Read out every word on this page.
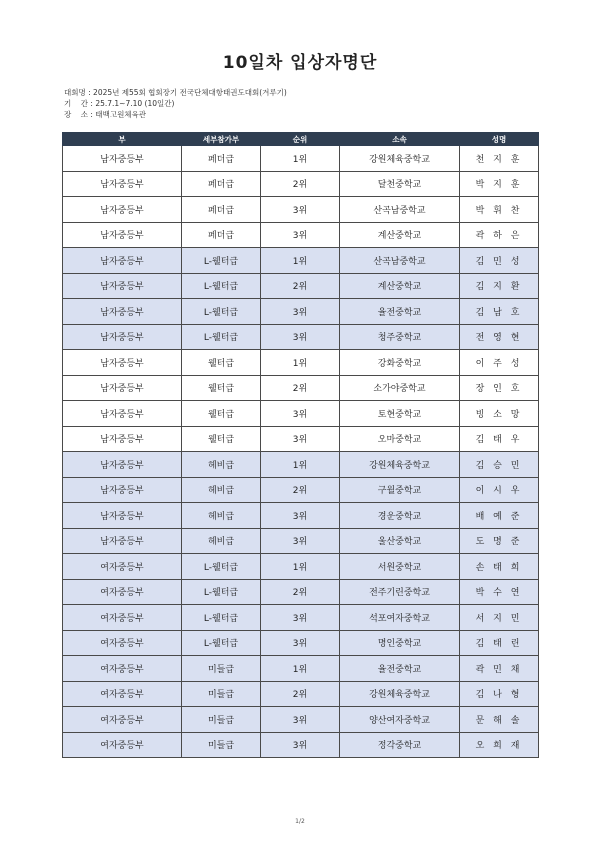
10일차 입상자명단
대회명 : 2025년 제55회 협회장기 전국단체대항태권도대회(겨루기)
기    간 : 25.7.1~7.10 (10일간)
장    소 : 태백고원체육관
부	세부참가부	순위	소속	성명
남자중등부	페더급	1위	강원체육중학교	천 지 훈
남자중등부	페더급	2위	달천중학교	박 지 훈
남자중등부	페더급	3위	산곡남중학교	박 휘 찬
남자중등부	페더급	3위	계산중학교	곽 하 은
남자중등부	L-웰터급	1위	산곡남중학교	김 민 성
남자중등부	L-웰터급	2위	계산중학교	김 지 환
남자중등부	L-웰터급	3위	율전중학교	김 남 호
남자중등부	L-웰터급	3위	청주중학교	전 영 현
남자중등부	웰터급	1위	강화중학교	이 주 성
남자중등부	웰터급	2위	소가야중학교	장 인 호
남자중등부	웰터급	3위	토현중학교	빙 소 망
남자중등부	웰터급	3위	오마중학교	김 태 우
남자중등부	헤비급	1위	강원체육중학교	김 승 민
남자중등부	헤비급	2위	구월중학교	이 시 우
남자중등부	헤비급	3위	경운중학교	배 예 준
남자중등부	헤비급	3위	울산중학교	도 명 준
여자중등부	L-웰터급	1위	서원중학교	손 태 희
여자중등부	L-웰터급	2위	전주기린중학교	박 수 연
여자중등부	L-웰터급	3위	석포여자중학교	서 지 민
여자중등부	L-웰터급	3위	명인중학교	김 태 린
여자중등부	미들급	1위	율전중학교	곽 민 채
여자중등부	미들급	2위	강원체육중학교	김 나 형
여자중등부	미들급	3위	양산여자중학교	문 해 솔
여자중등부	미들급	3위	정각중학교	오 희 재
1/2
